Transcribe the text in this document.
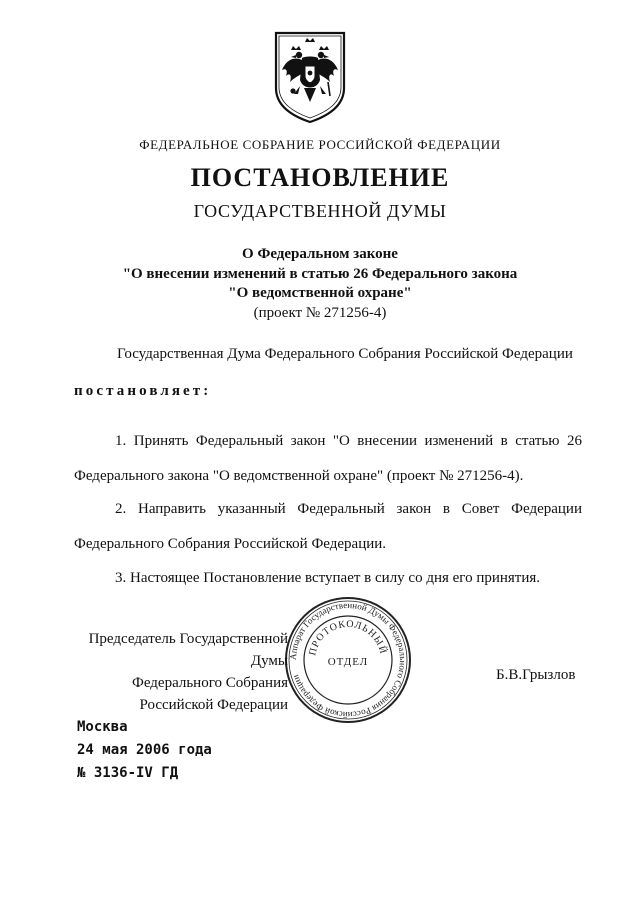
ФЕДЕРАЛЬНОЕ СОБРАНИЕ РОССИЙСКОЙ ФЕДЕРАЦИИ
ПОСТАНОВЛЕНИЕ
ГОСУДАРСТВЕННОЙ ДУМЫ
О Федеральном законе
"О внесении изменений в статью 26 Федерального закона
"О ведомственной охране"
(проект № 271256-4)
Государственная Дума Федерального Собрания Российской Федерации
постановляет:
1. Принять Федеральный закон "О внесении изменений в статью 26
Федерального закона "О ведомственной охране" (проект № 271256-4).
2. Направить указанный Федеральный закон в Совет Федерации
Федерального Собрания Российской Федерации.
3. Настоящее Постановление вступает в силу со дня его принятия.
Аппарат Государственной Думы Федерального Собрания Российской Федерации
ПРОТОКОЛЬНЫЙ
ОТДЕЛ
Председатель Государственной Думы
Федерального Собрания
Российской Федерации
Б.В.Грызлов
Москва
24 мая 2006 года
№ 3136-IV ГД
